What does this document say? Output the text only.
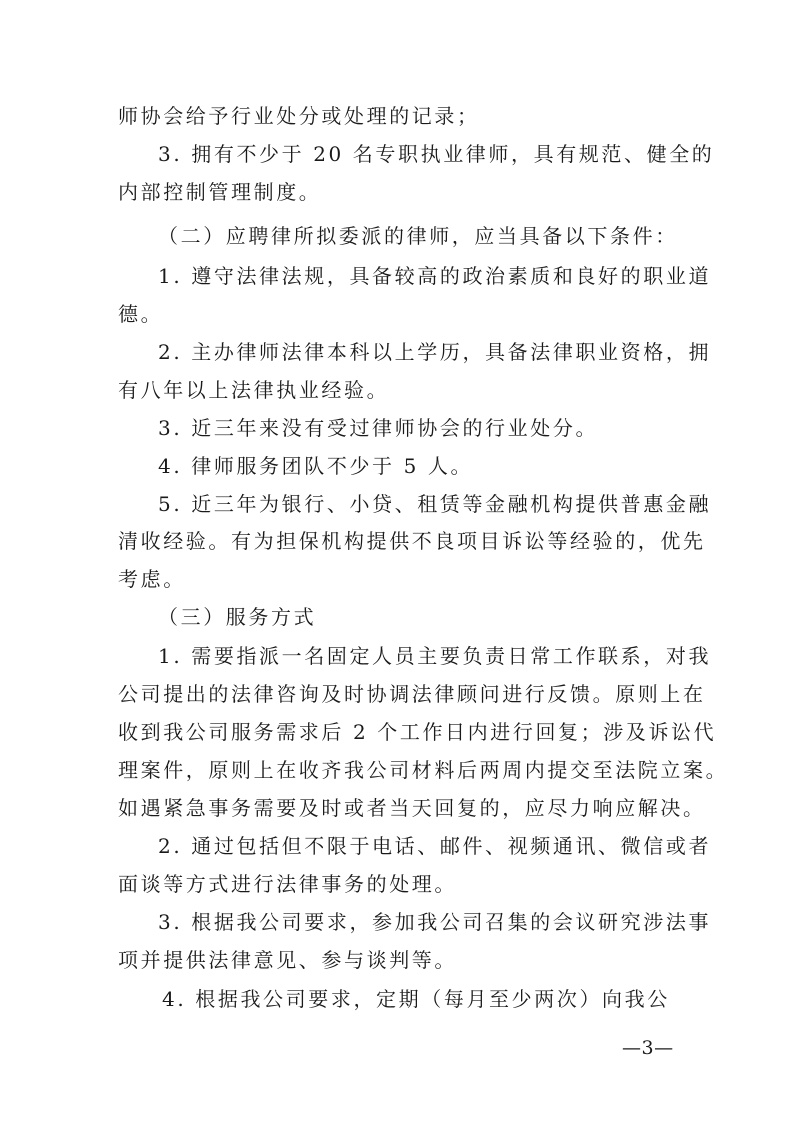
师协会给予行业处分或处理的记录；
3. 拥有不少于 20 名专职执业律师，具有规范、健全的
内部控制管理制度。
（二）应聘律所拟委派的律师，应当具备以下条件：
1. 遵守法律法规，具备较高的政治素质和良好的职业道
德。
2. 主办律师法律本科以上学历，具备法律职业资格，拥
有八年以上法律执业经验。
3. 近三年来没有受过律师协会的行业处分。
4. 律师服务团队不少于 5 人。
5. 近三年为银行、小贷、租赁等金融机构提供普惠金融
清收经验。有为担保机构提供不良项目诉讼等经验的，优先
考虑。
（三）服务方式
1. 需要指派一名固定人员主要负责日常工作联系，对我
公司提出的法律咨询及时协调法律顾问进行反馈。原则上在
收到我公司服务需求后 2 个工作日内进行回复；涉及诉讼代
理案件，原则上在收齐我公司材料后两周内提交至法院立案。
如遇紧急事务需要及时或者当天回复的，应尽力响应解决。
2. 通过包括但不限于电话、邮件、视频通讯、微信或者
面谈等方式进行法律事务的处理。
3. 根据我公司要求，参加我公司召集的会议研究涉法事
项并提供法律意见、参与谈判等。
4. 根据我公司要求，定期（每月至少两次）向我公
—3—
